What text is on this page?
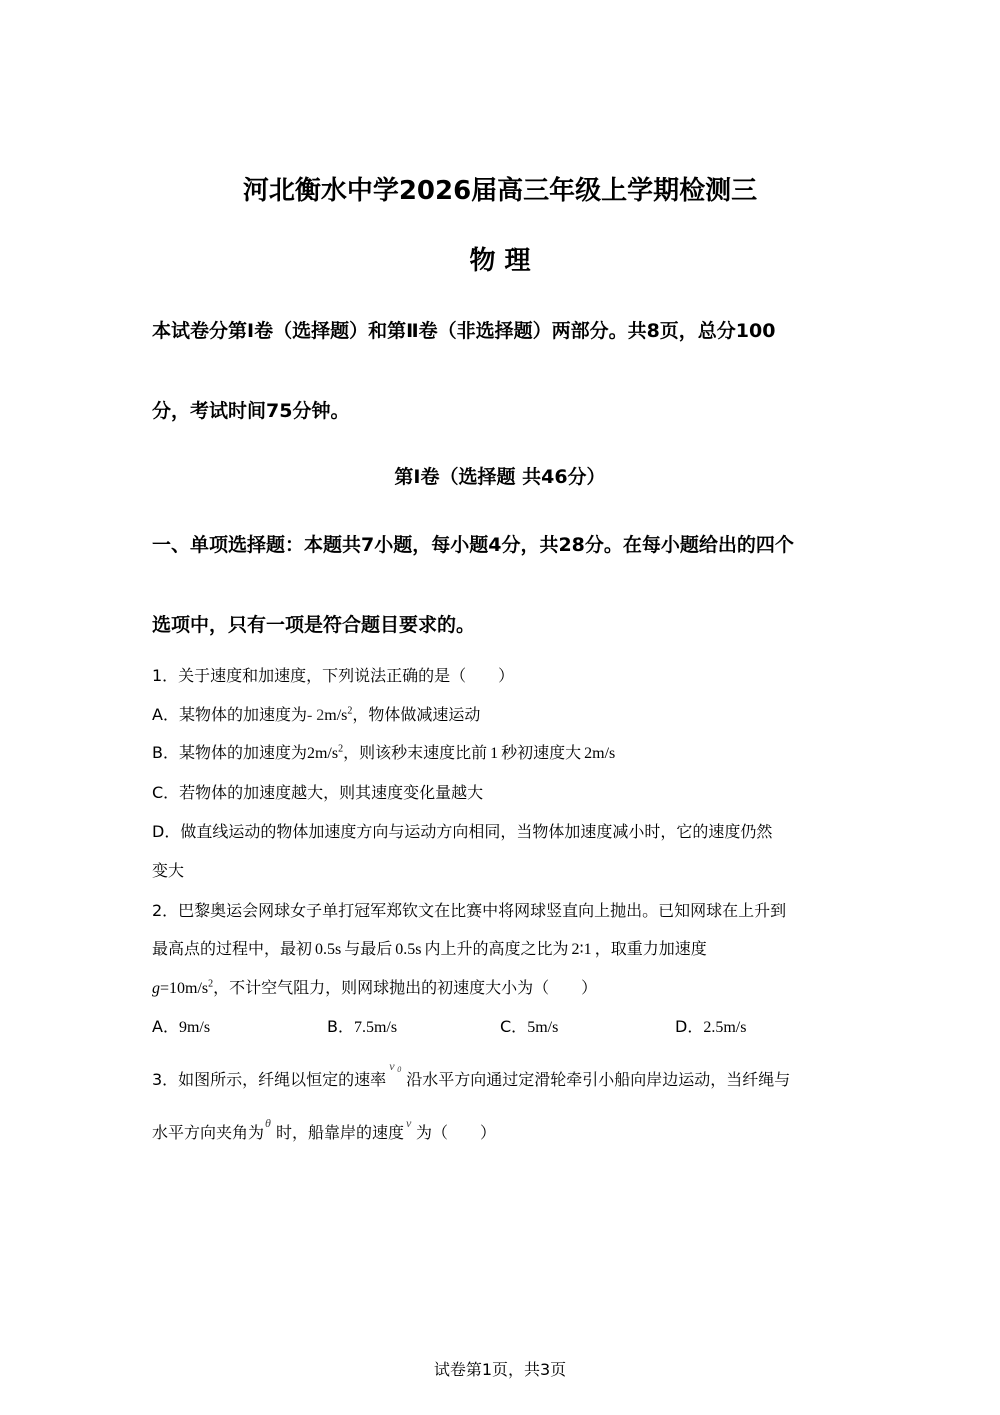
河北衡水中学2026届高三年级上学期检测三
物 理
本试卷分第Ⅰ卷（选择题）和第Ⅱ卷（非选择题）两部分。共8页，总分100
分，考试时间75分钟。
第Ⅰ卷（选择题 共46分）
一、单项选择题：本题共7小题，每小题4分，共28分。在每小题给出的四个
选项中，只有一项是符合题目要求的。
1．关于速度和加速度，下列说法正确的是（　　）
A．某物体的加速度为- $2m/s^2$，物体做减速运动
B．某物体的加速度为$2m/s^2$，则该秒末速度比前 1 秒初速度大 2m/s
C．若物体的加速度越大，则其速度变化量越大
D．做直线运动的物体加速度方向与运动方向相同，当物体加速度减小时，它的速度仍然
变大
2．巴黎奥运会网球女子单打冠军郑钦文在比赛中将网球竖直向上抛出。已知网球在上升到
最高点的过程中，最初 0.5s 与最后 0.5s 内上升的高度之比为 2∶1 ，取重力加速度
$g=10m/s^2$，不计空气阻力，则网球抛出的初速度大小为（　　）
A．9m/s	B．7.5m/s	C．5m/s	D．2.5m/s
3．如图所示，纤绳以恒定的速率
v 0
沿水平方向通过定滑轮牵引小船向岸边运动，当纤绳与
水平方向夹角为 θ 时，船靠岸的速度 v 为（　　）
试卷第1页，共3页
